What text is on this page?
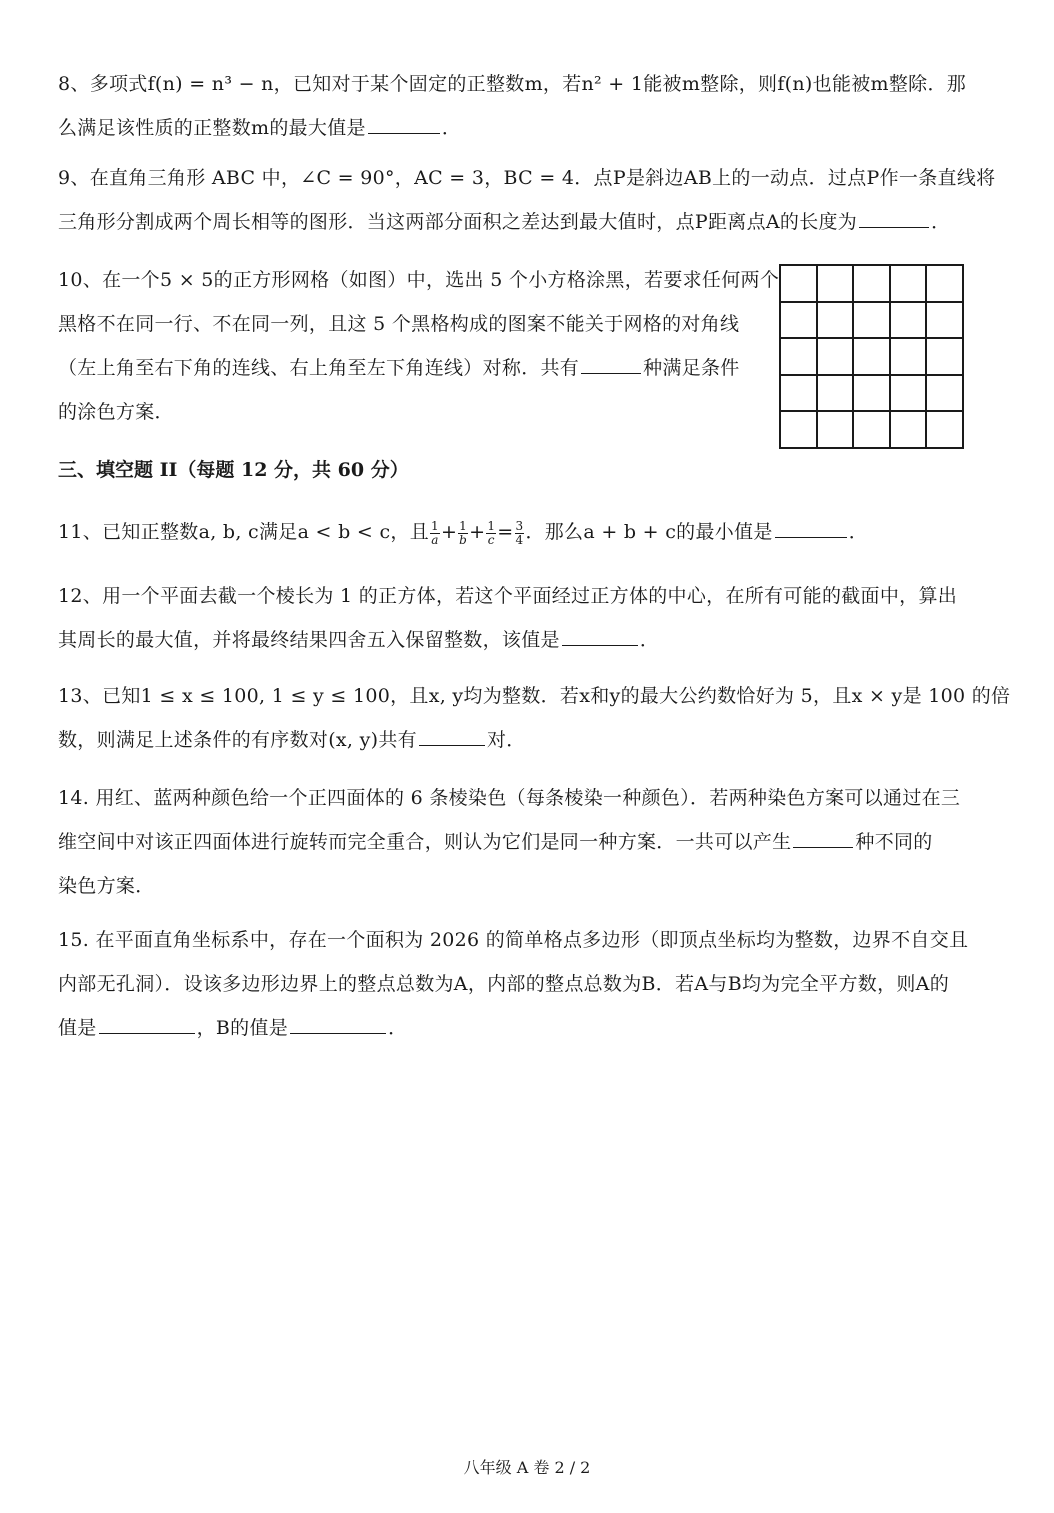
8、多项式f(n) = n³ − n，已知对于某个固定的正整数m，若n² + 1能被m整除，则f(n)也能被m整除．那

么满足该性质的正整数m的最大值是	．

9、在直角三角形 ABC 中，∠C = 90°，AC = 3，BC = 4．点P是斜边AB上的一动点．过点P作一条直线将

三角形分割成两个周长相等的图形．当这两部分面积之差达到最大值时，点P距离点A的长度为	．

10、在一个5 × 5的正方形网格（如图）中，选出 5 个小方格涂黑，若要求任何两个

黑格不在同一行、不在同一列，且这 5 个黑格构成的图案不能关于网格的对角线

（左上角至右下角的连线、右上角至左下角连线）对称．共有	种满足条件

的涂色方案．

三、填空题 II（每题 12 分，共 60 分）

11、已知正整数a, b, c满足a < b < c，且 $\frac{1}{a} + \frac{1}{b} + \frac{1}{c} = \frac{3}{4}$ ．那么a + b + c的最小值是	．

12、用一个平面去截一个棱长为 1 的正方体，若这个平面经过正方体的中心，在所有可能的截面中，算出

其周长的最大值，并将最终结果四舍五入保留整数，该值是	．

13、已知1 ≤ x ≤ 100, 1 ≤ y ≤ 100，且x, y均为整数．若x和y的最大公约数恰好为 5，且x × y是 100 的倍

数，则满足上述条件的有序数对(x, y)共有	对．

14. 用红、蓝两种颜色给一个正四面体的 6 条棱染色（每条棱染一种颜色）．若两种染色方案可以通过在三

维空间中对该正四面体进行旋转而完全重合，则认为它们是同一种方案．一共可以产生	种不同的

染色方案．

15. 在平面直角坐标系中，存在一个面积为 2026 的简单格点多边形（即顶点坐标均为整数，边界不自交且

内部无孔洞）．设该多边形边界上的整点总数为A，内部的整点总数为B．若A与B均为完全平方数，则A的

值是	，B的值是	．

八年级 A 卷 2 / 2
